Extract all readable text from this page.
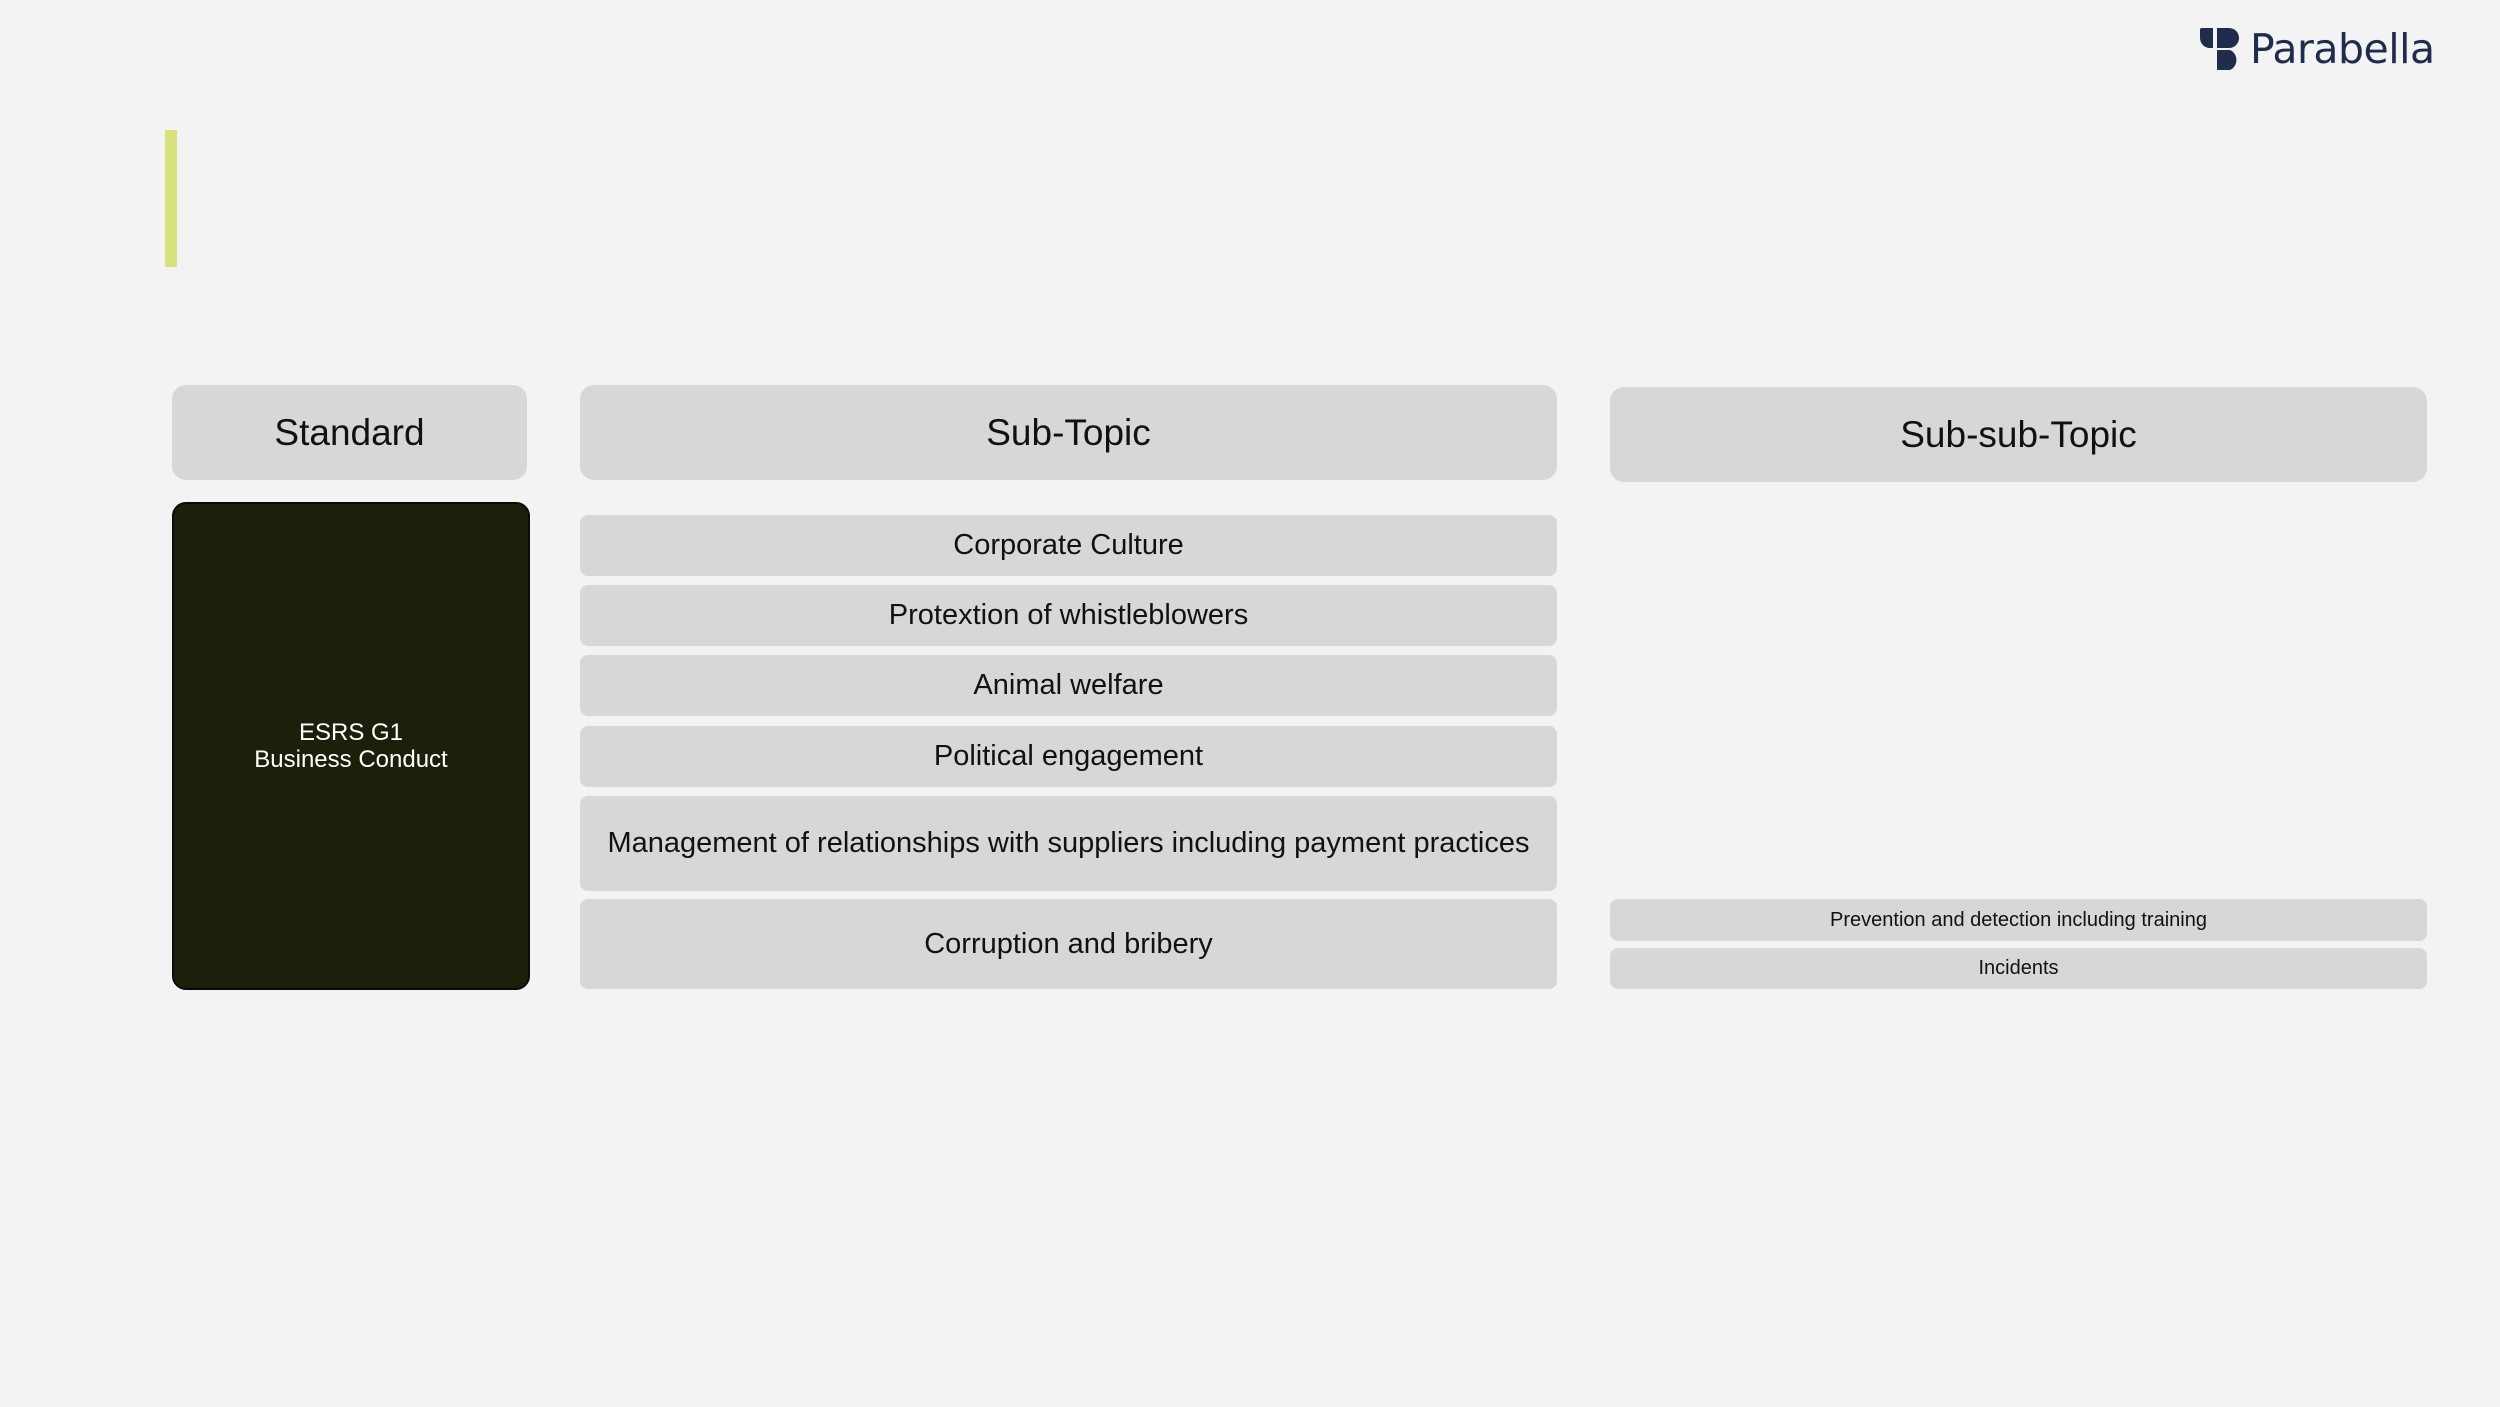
Parabella
Standard	Sub-Topic	Sub-sub-Topic
ESRS G1
Business Conduct
Corporate Culture
Protextion of whistleblowers
Animal welfare
Political engagement
Management of relationships with suppliers including payment practices
Corruption and bribery
Prevention and detection including training
Incidents
